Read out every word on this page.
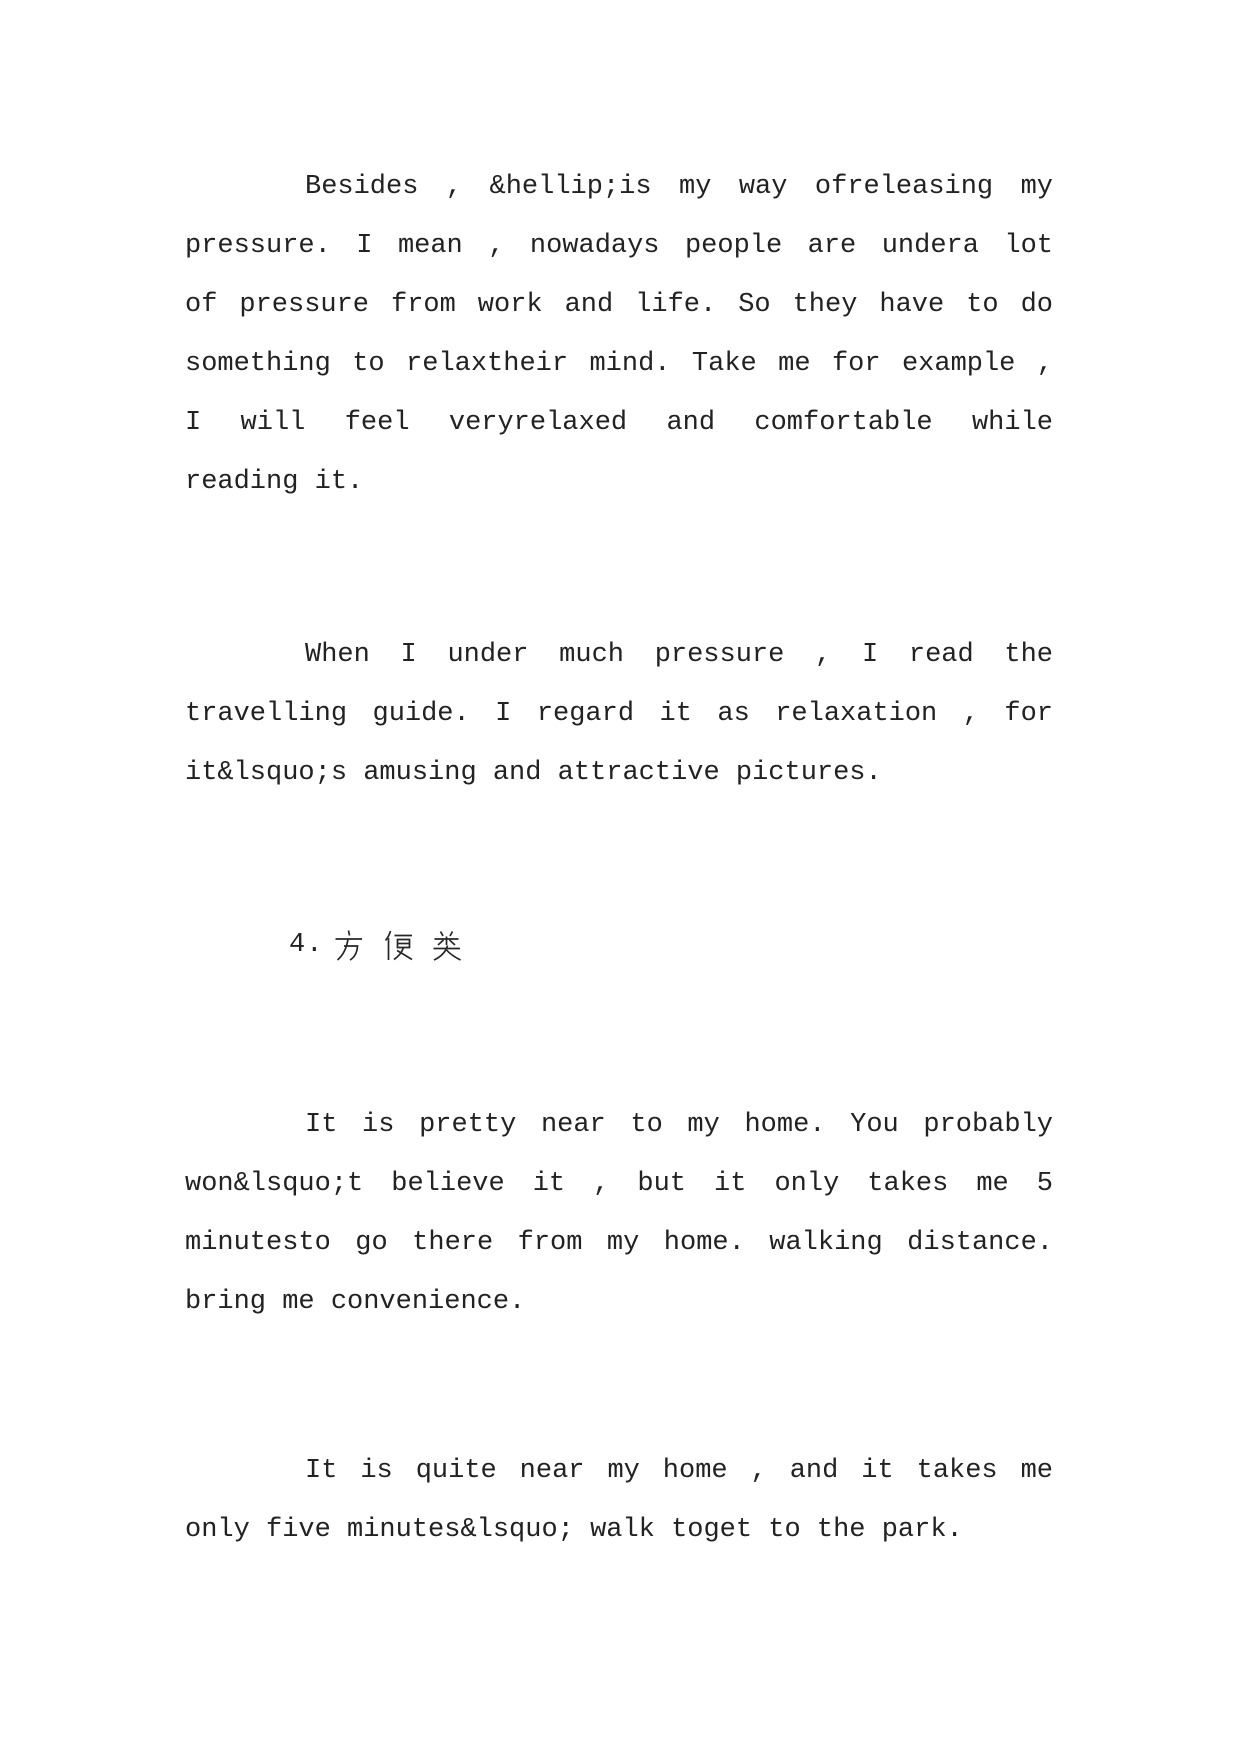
Besides , &hellip;is my way ofreleasing my
pressure. I mean , nowadays people are undera lot
of pressure from work and life. So they have to do
something to relaxtheir mind. Take me for example ,
I will feel veryrelaxed and comfortable while
reading it.
When I under much pressure , I read the
travelling guide. I regard it as relaxation , for
it&lsquo;s amusing and attractive pictures.
4.
It is pretty near to my home. You probably
won&lsquo;t believe it , but it only takes me 5
minutesto go there from my home. walking distance.
bring me convenience.
It is quite near my home , and it takes me
only five minutes&lsquo; walk toget to the park.
